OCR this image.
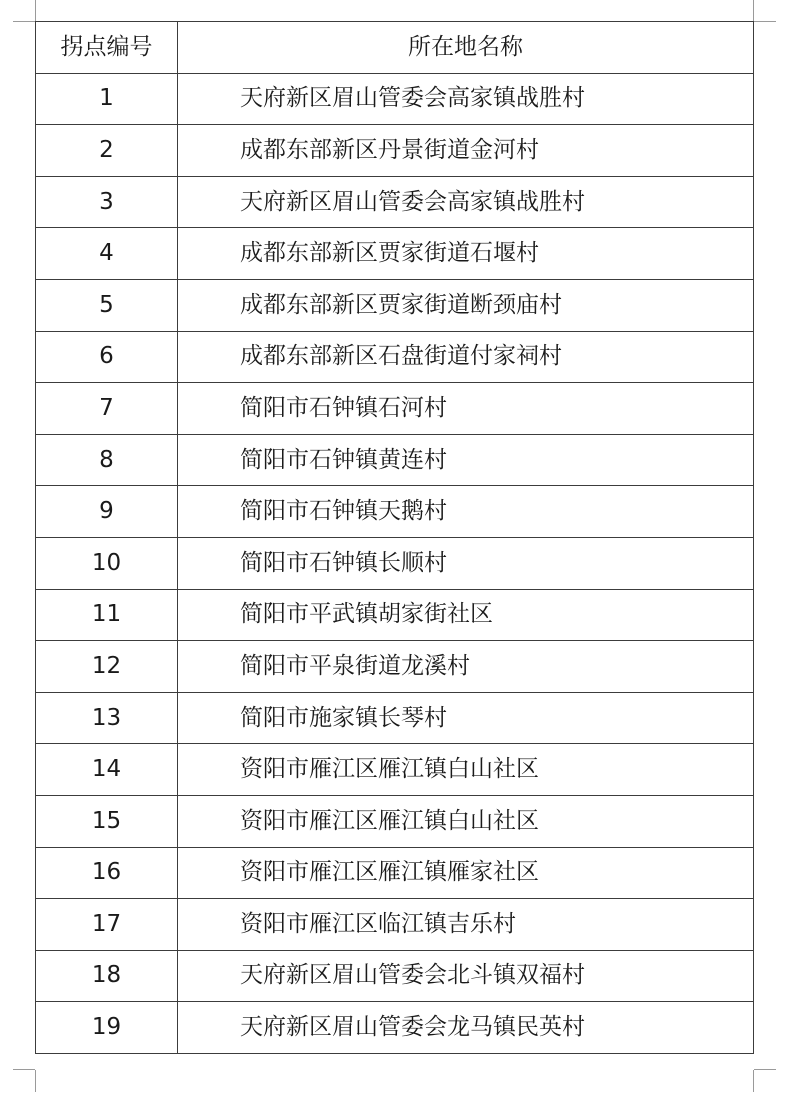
拐点编号	所在地名称
1	天府新区眉山管委会高家镇战胜村
2	成都东部新区丹景街道金河村
3	天府新区眉山管委会高家镇战胜村
4	成都东部新区贾家街道石堰村
5	成都东部新区贾家街道断颈庙村
6	成都东部新区石盘街道付家祠村
7	简阳市石钟镇石河村
8	简阳市石钟镇黄连村
9	简阳市石钟镇天鹅村
10	简阳市石钟镇长顺村
11	简阳市平武镇胡家街社区
12	简阳市平泉街道龙溪村
13	简阳市施家镇长琴村
14	资阳市雁江区雁江镇白山社区
15	资阳市雁江区雁江镇白山社区
16	资阳市雁江区雁江镇雁家社区
17	资阳市雁江区临江镇吉乐村
18	天府新区眉山管委会北斗镇双福村
19	天府新区眉山管委会龙马镇民英村
